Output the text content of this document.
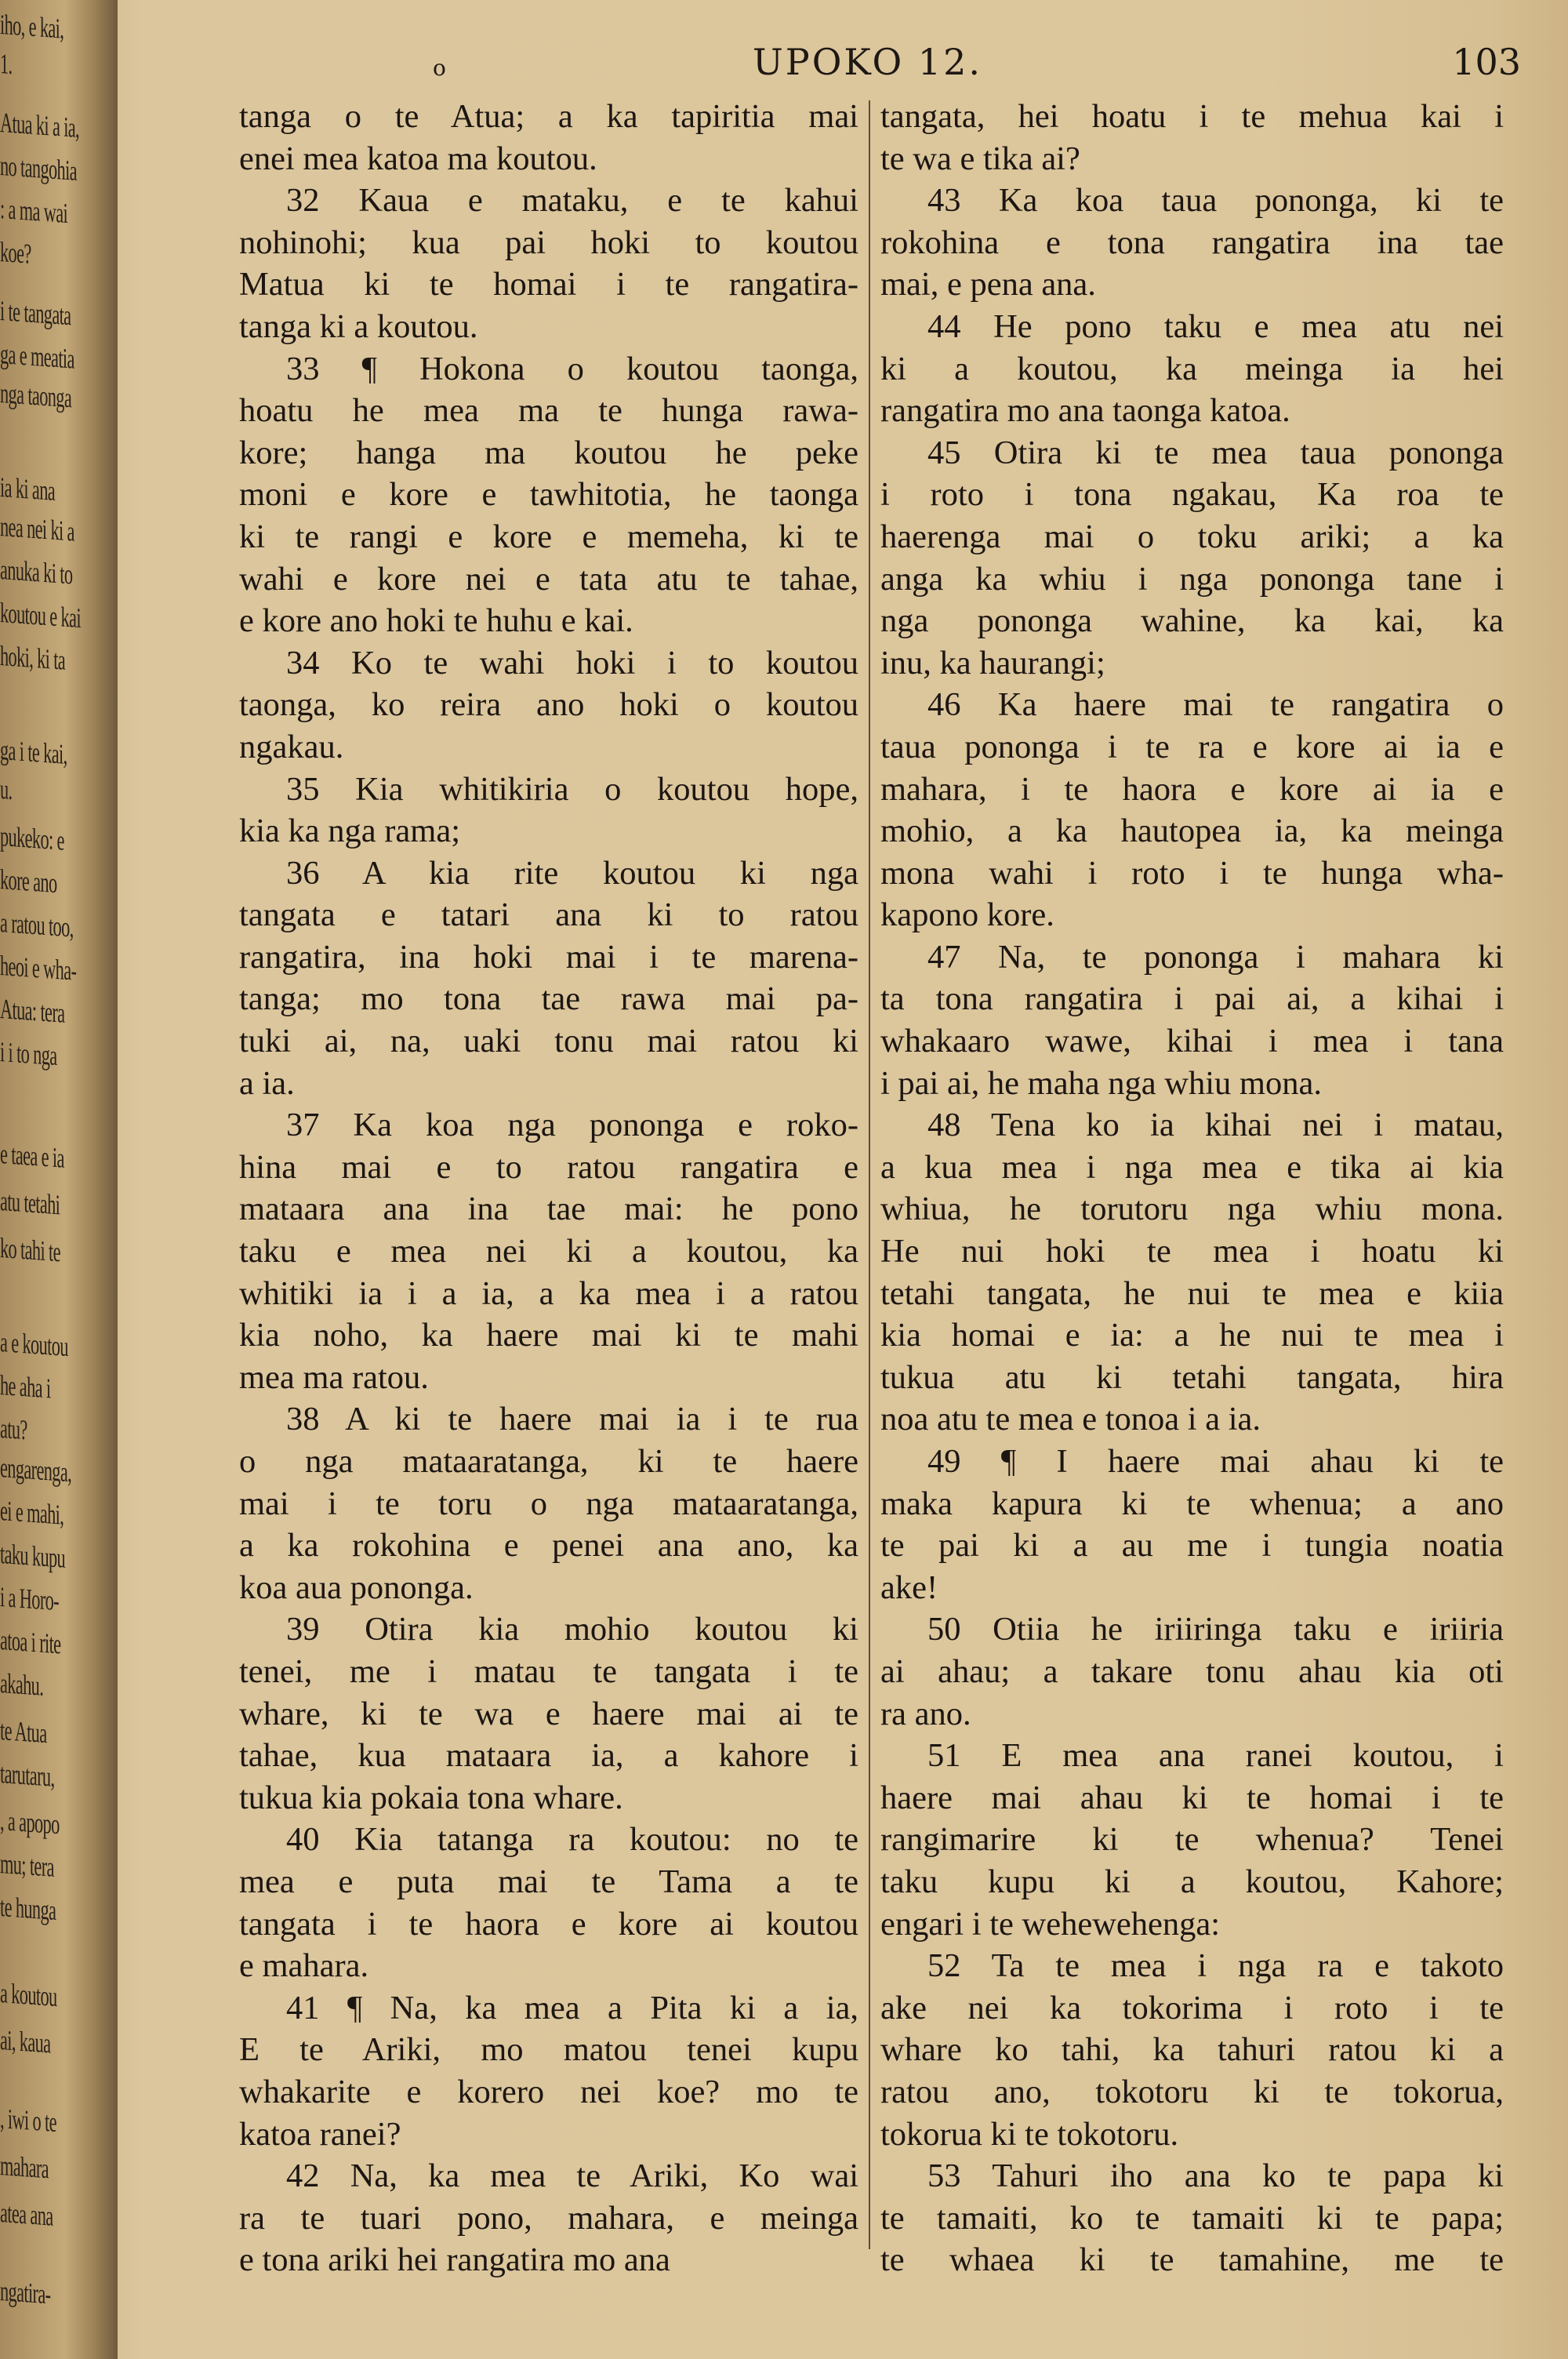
iho, e kai,
1.
Atua ki a ia,
no tangohia
: a ma wai
koe?
i te tangata
ga e meatia
nga taonga
ia ki ana
nea nei ki a
anuka ki to
koutou e kai
hoki, ki ta
ga i te kai,
u.
pukeko: e
kore ano
a ratou too,
heoi e wha-
Atua: tera
i i to nga
e taea e ia
atu tetahi
ko tahi te
a e koutou
he aha i
atu?
engarenga,
ei e mahi,
taku kupu
i a Horo-
atoa i rite
akahu.
te Atua
tarutaru,
, a apopo
mu; tera
te hunga
a koutou
ai, kaua
, iwi o te
mahara
atea ana
ngatira-
o	UPOKO 12.	103
tanga o te Atua; a ka tapiritia mai
enei mea katoa ma koutou.
32 Kaua e mataku, e te kahui
nohinohi; kua pai hoki to koutou
Matua ki te homai i te rangatira-
tanga ki a koutou.
33 ¶ Hokona o koutou taonga,
hoatu he mea ma te hunga rawa-
kore; hanga ma koutou he peke
moni e kore e tawhitotia, he taonga
ki te rangi e kore e memeha, ki te
wahi e kore nei e tata atu te tahae,
e kore ano hoki te huhu e kai.
34 Ko te wahi hoki i to koutou
taonga, ko reira ano hoki o koutou
ngakau.
35 Kia whitikiria o koutou hope,
kia ka nga rama;
36 A kia rite koutou ki nga
tangata e tatari ana ki to ratou
rangatira, ina hoki mai i te marena-
tanga; mo tona tae rawa mai pa-
tuki ai, na, uaki tonu mai ratou ki
a ia.
37 Ka koa nga pononga e roko-
hina mai e to ratou rangatira e
mataara ana ina tae mai: he pono
taku e mea nei ki a koutou, ka
whitiki ia i a ia, a ka mea i a ratou
kia noho, ka haere mai ki te mahi
mea ma ratou.
38 A ki te haere mai ia i te rua
o nga mataaratanga, ki te haere
mai i te toru o nga mataaratanga,
a ka rokohina e penei ana ano, ka
koa aua pononga.
39 Otira kia mohio koutou ki
tenei, me i matau te tangata i te
whare, ki te wa e haere mai ai te
tahae, kua mataara ia, a kahore i
tukua kia pokaia tona whare.
40 Kia tatanga ra koutou: no te
mea e puta mai te Tama a te
tangata i te haora e kore ai koutou
e mahara.
41 ¶ Na, ka mea a Pita ki a ia,
E te Ariki, mo matou tenei kupu
whakarite e korero nei koe? mo te
katoa ranei?
42 Na, ka mea te Ariki, Ko wai
ra te tuari pono, mahara, e meinga
e tona ariki hei rangatira mo ana
tangata, hei hoatu i te mehua kai i
te wa e tika ai?
43 Ka koa taua pononga, ki te
rokohina e tona rangatira ina tae
mai, e pena ana.
44 He pono taku e mea atu nei
ki a koutou, ka meinga ia hei
rangatira mo ana taonga katoa.
45 Otira ki te mea taua pononga
i roto i tona ngakau, Ka roa te
haerenga mai o toku ariki; a ka
anga ka whiu i nga pononga tane i
nga pononga wahine, ka kai, ka
inu, ka haurangi;
46 Ka haere mai te rangatira o
taua pononga i te ra e kore ai ia e
mahara, i te haora e kore ai ia e
mohio, a ka hautopea ia, ka meinga
mona wahi i roto i te hunga wha-
kapono kore.
47 Na, te pononga i mahara ki
ta tona rangatira i pai ai, a kihai i
whakaaro wawe, kihai i mea i tana
i pai ai, he maha nga whiu mona.
48 Tena ko ia kihai nei i matau,
a kua mea i nga mea e tika ai kia
whiua, he torutoru nga whiu mona.
He nui hoki te mea i hoatu ki
tetahi tangata, he nui te mea e kiia
kia homai e ia: a he nui te mea i
tukua atu ki tetahi tangata, hira
noa atu te mea e tonoa i a ia.
49 ¶ I haere mai ahau ki te
maka kapura ki te whenua; a ano
te pai ki a au me i tungia noatia
ake!
50 Otiia he iriiringa taku e iriiria
ai ahau; a takare tonu ahau kia oti
ra ano.
51 E mea ana ranei koutou, i
haere mai ahau ki te homai i te
rangimarire ki te whenua? Tenei
taku kupu ki a koutou, Kahore;
engari i te wehewehenga:
52 Ta te mea i nga ra e takoto
ake nei ka tokorima i roto i te
whare ko tahi, ka tahuri ratou ki a
ratou ano, tokotoru ki te tokorua,
tokorua ki te tokotoru.
53 Tahuri iho ana ko te papa ki
te tamaiti, ko te tamaiti ki te papa;
te whaea ki te tamahine, me te
